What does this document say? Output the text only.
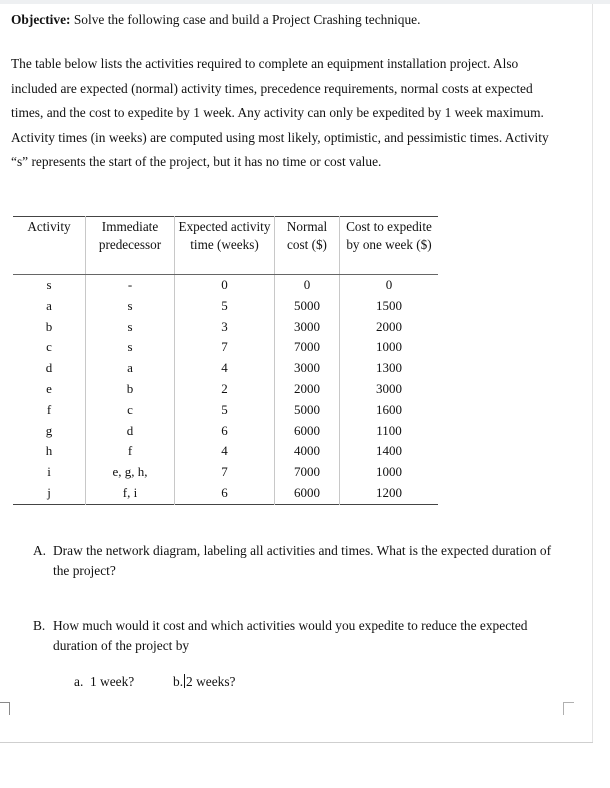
Objective: Solve the following case and build a Project Crashing technique.
The table below lists the activities required to complete an equipment installation project. Also included are expected (normal) activity times, precedence requirements, normal costs at expected times, and the cost to expedite by 1 week. Any activity can only be expedited by 1 week maximum. Activity times (in weeks) are computed using most likely, optimistic, and pessimistic times. Activity “s” represents the start of the project, but it has no time or cost value.
Activity	Immediate predecessor	Expected activity time (weeks)	Normal cost ($)	Cost to expedite by one week ($)
s	-	0	0	0
a	s	5	5000	1500
b	s	3	3000	2000
c	s	7	7000	1000
d	a	4	3000	1300
e	b	2	2000	3000
f	c	5	5000	1600
g	d	6	6000	1100
h	f	4	4000	1400
i	e, g, h,	7	7000	1000
j	f, i	6	6000	1200
A. Draw the network diagram, labeling all activities and times. What is the expected duration of the project?
B. How much would it cost and which activities would you expedite to reduce the expected duration of the project by
a. 1 week?	b. 2 weeks?
